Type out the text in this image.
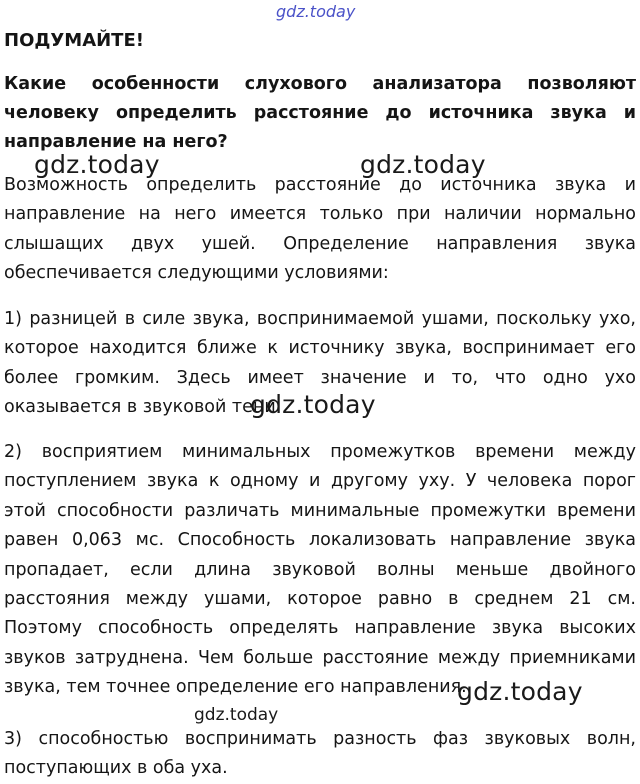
gdz.today
gdz.today	gdz.today
gdz.today
gdz.today
gdz.today
ПОДУМАЙТЕ!

Какие особенности слухового анализатора позволяют человеку определить расстояние до источника звука и направление на него?

Возможность определить расстояние до источника звука и направление на него имеется только при наличии нормально слышащих двух ушей. Определение направления звука обеспечивается следующими условиями:

1) разницей в силе звука, воспринимаемой ушами, поскольку ухо, которое находится ближе к источнику звука, воспринимает его более громким. Здесь имеет значение и то, что одно ухо оказывается в звуковой тени.

2) восприятием минимальных промежутков времени между поступлением звука к одному и другому уху. У человека порог этой способности различать минимальные промежутки времени равен 0,063 мс. Способность локализовать направление звука пропадает, если длина звуковой волны меньше двойного расстояния между ушами, которое равно в среднем 21 см. Поэтому способность определять направление звука высоких звуков затруднена. Чем больше расстояние между приемниками звука, тем точнее определение его направления.

3) способностью воспринимать разность фаз звуковых волн, поступающих в оба уха.
